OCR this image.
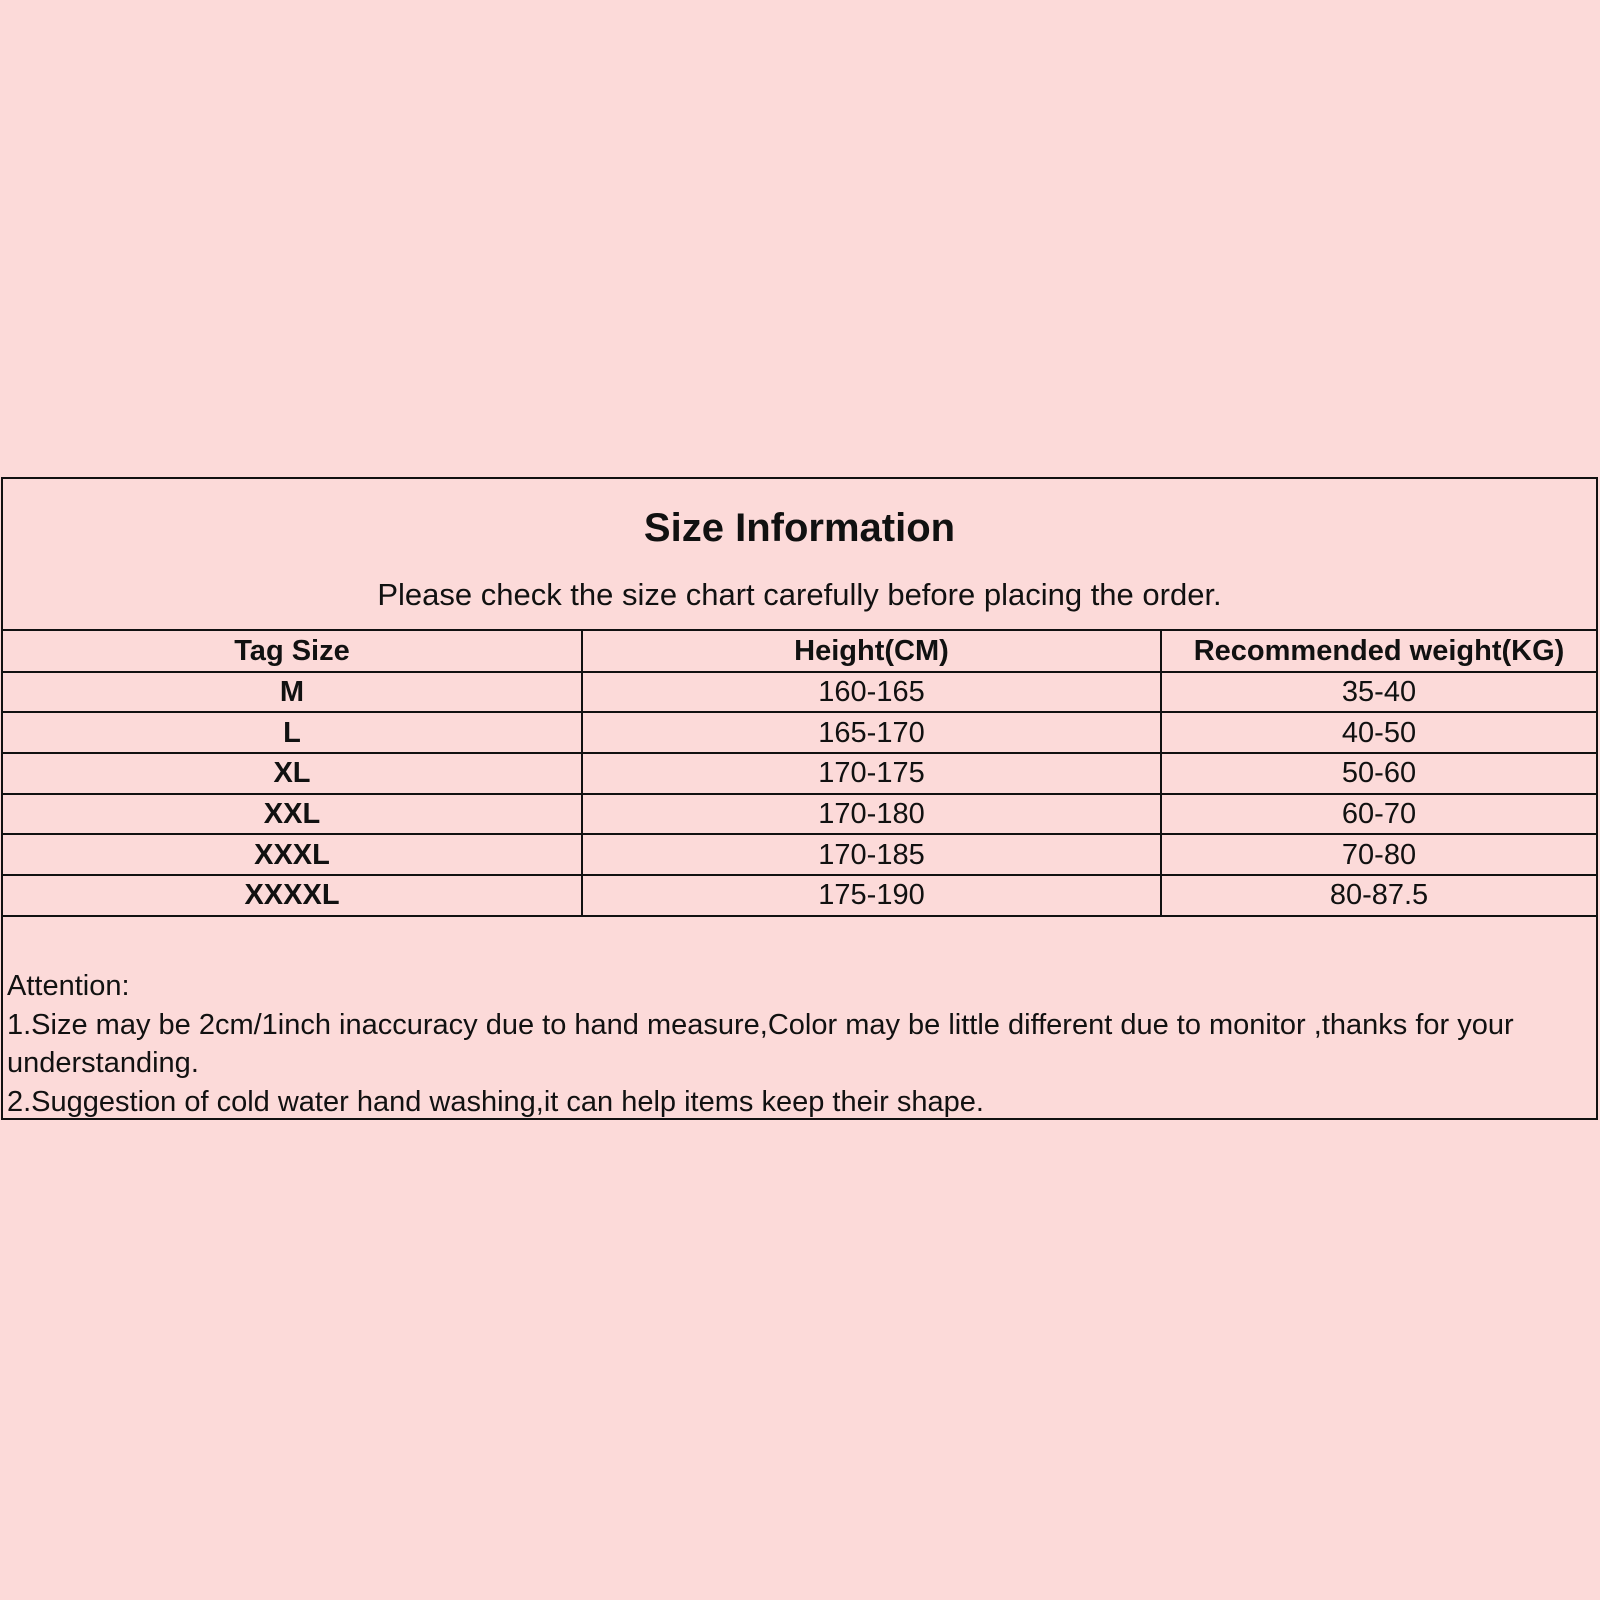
Size Information
Please check the size chart carefully before placing the order.
Tag Size	Height(CM)	Recommended weight(KG)
M	160-165	35-40
L	165-170	40-50
XL	170-175	50-60
XXL	170-180	60-70
XXXL	170-185	70-80
XXXXL	175-190	80-87.5

Attention:

1.Size may be 2cm/1inch inaccuracy due to hand measure,Color may be little different due to monitor ,thanks for your understanding.

2.Suggestion of cold water hand washing,it can help items keep their shape.
